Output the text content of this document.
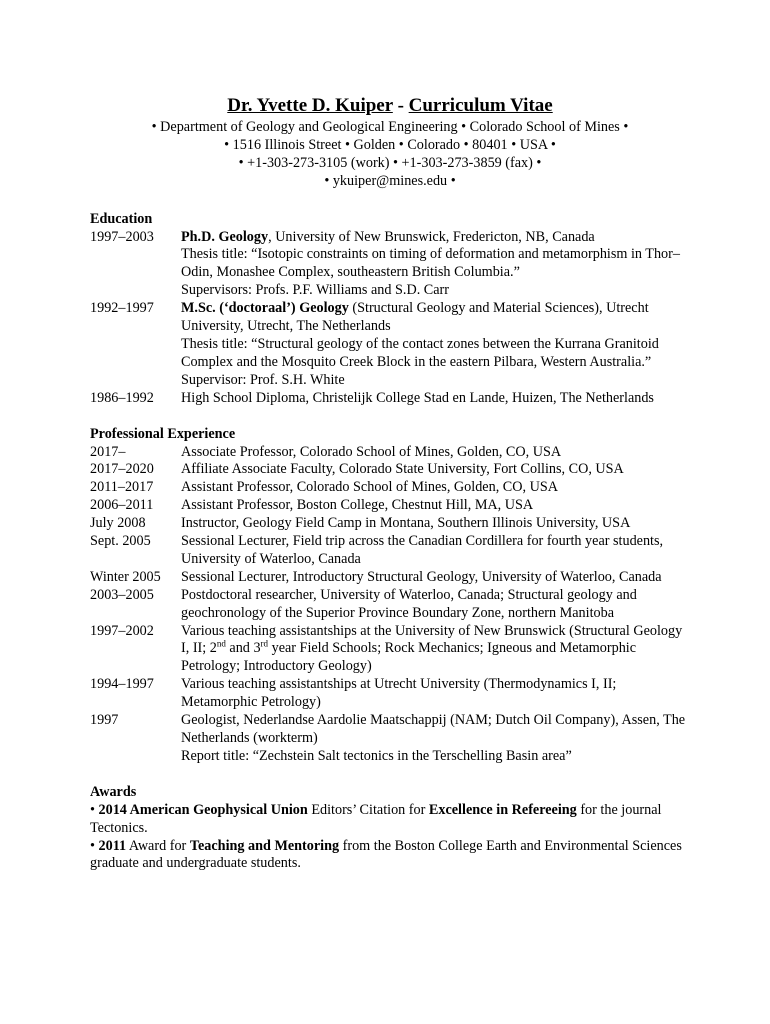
Dr. Yvette D. Kuiper - Curriculum Vitae
• Department of Geology and Geological Engineering • Colorado School of Mines •
• 1516 Illinois Street • Golden • Colorado • 80401 • USA •
• +1-303-273-3105 (work) • +1-303-273-3859 (fax) •
• ykuiper@mines.edu •
Education
1997–2003	Ph.D. Geology, University of New Brunswick, Fredericton, NB, Canada
Thesis title: “Isotopic constraints on timing of deformation and metamorphism in Thor–Odin, Monashee Complex, southeastern British Columbia.”
Supervisors: Profs. P.F. Williams and S.D. Carr
1992–1997	M.Sc. (‘doctoraal’) Geology (Structural Geology and Material Sciences), Utrecht University, Utrecht, The Netherlands
Thesis title: “Structural geology of the contact zones between the Kurrana Granitoid Complex and the Mosquito Creek Block in the eastern Pilbara, Western Australia.”
Supervisor: Prof. S.H. White
1986–1992	High School Diploma, Christelijk College Stad en Lande, Huizen, The Netherlands
Professional Experience
2017–	Associate Professor, Colorado School of Mines, Golden, CO, USA
2017–2020	Affiliate Associate Faculty, Colorado State University, Fort Collins, CO, USA
2011–2017	Assistant Professor, Colorado School of Mines, Golden, CO, USA
2006–2011	Assistant Professor, Boston College, Chestnut Hill, MA, USA
July 2008	Instructor, Geology Field Camp in Montana, Southern Illinois University, USA
Sept. 2005	Sessional Lecturer, Field trip across the Canadian Cordillera for fourth year students, University of Waterloo, Canada
Winter 2005	Sessional Lecturer, Introductory Structural Geology, University of Waterloo, Canada
2003–2005	Postdoctoral researcher, University of Waterloo, Canada; Structural geology and geochronology of the Superior Province Boundary Zone, northern Manitoba
1997–2002	Various teaching assistantships at the University of New Brunswick (Structural Geology I, II; 2nd and 3rd year Field Schools; Rock Mechanics; Igneous and Metamorphic Petrology; Introductory Geology)
1994–1997	Various teaching assistantships at Utrecht University (Thermodynamics I, II; Metamorphic Petrology)
1997	Geologist, Nederlandse Aardolie Maatschappij (NAM; Dutch Oil Company), Assen, The Netherlands (workterm)
Report title: “Zechstein Salt tectonics in the Terschelling Basin area”
Awards
• 2014 American Geophysical Union Editors’ Citation for Excellence in Refereeing for the journal Tectonics.
• 2011 Award for Teaching and Mentoring from the Boston College Earth and Environmental Sciences graduate and undergraduate students.
